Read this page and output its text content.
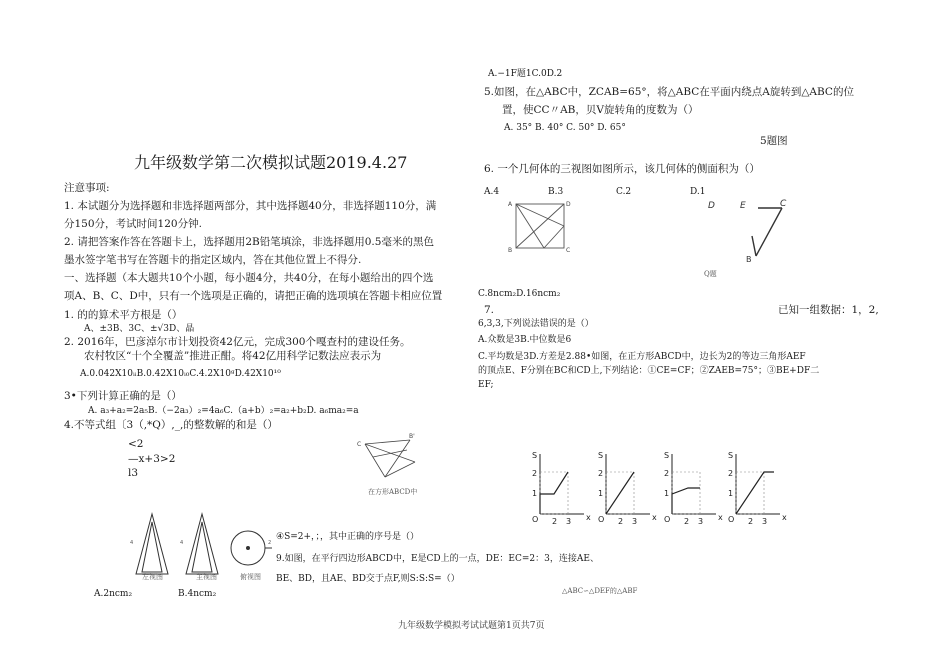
九年级数学第二次模拟试题2019.4.27
注意事项:
1. 本试题分为选择题和非选择题两部分，其中选择题40分，非选择题110分，满
分150分，考试时间120分钟.
2. 请把答案作答在答题卡上，选择题用2B铅笔填涂，非选择题用0.5毫米的黑色
墨水签字笔书写在答题卡的指定区域内，答在其他位置上不得分.
一、选择题（本大题共10个小题，每小题4分，共40分，在每小题给出的四个选
项A、B、C、D中，只有一个选项是正确的，请把正确的选项填在答题卡相应位置
1. 的的算术平方根是（）
A、±3B、3C、±√3D、晶
2. 2016年，巴彦淖尔市计划投资42亿元，完成300个嘎查村的建设任务。
农村牧区“十个全覆盖”推进正酣。将42亿用科学记数法应表示为
A.0.042X10ᵢᵢB.0.42X10ᵢ₀C.4.2X10ᵍD.42X10¹⁰
3•下列计算正确的是（）
A. a₃+a₂=2a₅B.（−2a₃）₂=4a₆C.（a+b）₂=a₂+b₂D. a₆ma₂=a
4.不等式组〔3（,*Q）,_,的整数解的和是（）
<2
—x+3>2
l3
C
B'
在方形ABCD中
4	4	2
左视图	主视图	俯视图
A.2ncm₂	B.4ncm₂
④S=2+，；，其中正确的序号是（）
9.如图，在平行四边形ABCD中，E是CD上的一点，DE：EC=2：3，连接AE、
BE、BD，且AE、BD交于点F,则S:S:S=（）
A.−1F题1C.0D.2
5.如图，在△ABC中，ZCAB=65°，将△ABC在平面内绕点A旋转到△ABC的位
置，使CC〃AB，贝V旋转角的度数为（）
A. 35° B. 40° C. 50° D. 65°
5题图
6. 一个几何体的三视图如图所示，该几何体的侧面积为（）
A.4	B.3	C.2	D.1
A	D
B	C
D	E	C
B
Q题
C.8ncm₂D.16ncm₂
7.	已知一组数据：1，2,
6,3,3,下列说法错误的是（）
A.众数是3B.中位数是6
C.平均数是3D.方差是2.88•如图，在正方形ABCD中，边长为2的等边三角形AEF
的顶点E、F分别在BC和CD上,下列结论：①CE=CF；②ZAEB=75°；③BE+DF二
EF;
S
x
O
2
1
2 3
S
x
O
2
1
2 3
S
x
O
2
1
2 3
S
x
O
2
1
2 3
△ABC∽△DEF的△ABF
九年级数学模拟考试试题第1页共7页
